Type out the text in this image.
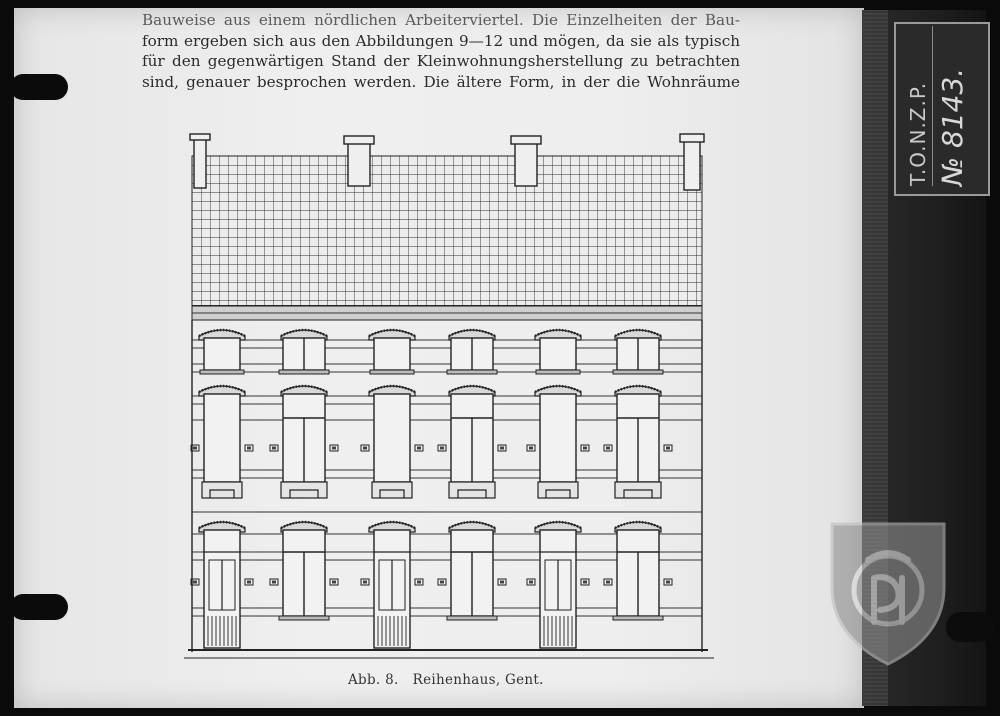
Bauweise aus einem nördlichen Arbeiterviertel. Die Einzelheiten der Bau-
form ergeben sich aus den Abbildungen 9—12 und mögen, da sie als typisch
für den gegenwärtigen Stand der Kleinwohnungsherstellung zu betrachten
sind, genauer besprochen werden. Die ältere Form, in der die Wohnräume
Abb. 8. Reihenhaus, Gent.
T.O.N.Z.P. № 8143.
